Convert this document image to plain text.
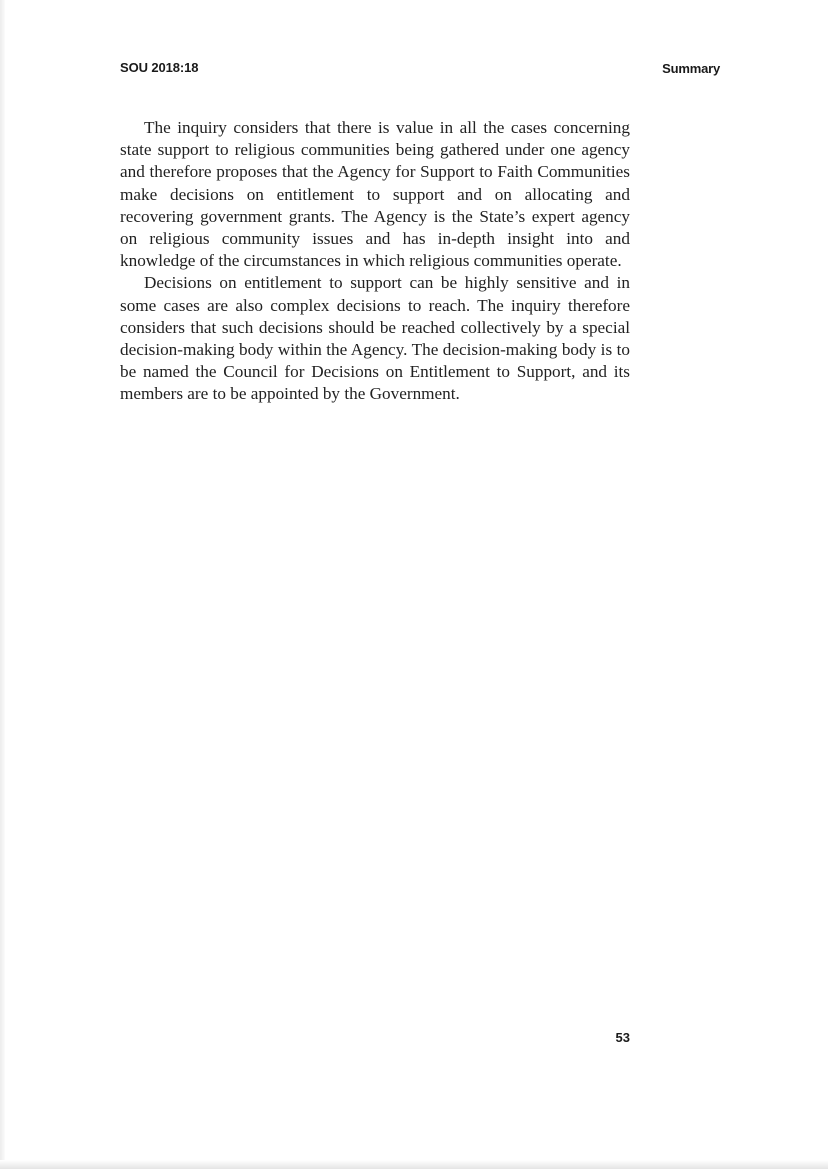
SOU 2018:18	Summary

The inquiry considers that there is value in all the cases concerning state support to religious communities being gathered under one agency and therefore proposes that the Agency for Support to Faith Communities make decisions on entitlement to support and on allocating and recovering government grants. The Agency is the State’s expert agency on religious community issues and has in-depth insight into and knowledge of the circumstances in which religious communities operate.

Decisions on entitlement to support can be highly sensitive and in some cases are also complex decisions to reach. The inquiry therefore considers that such decisions should be reached collectively by a special decision-making body within the Agency. The decision-making body is to be named the Council for Decisions on Entitlement to Support, and its members are to be appointed by the Government.

53
